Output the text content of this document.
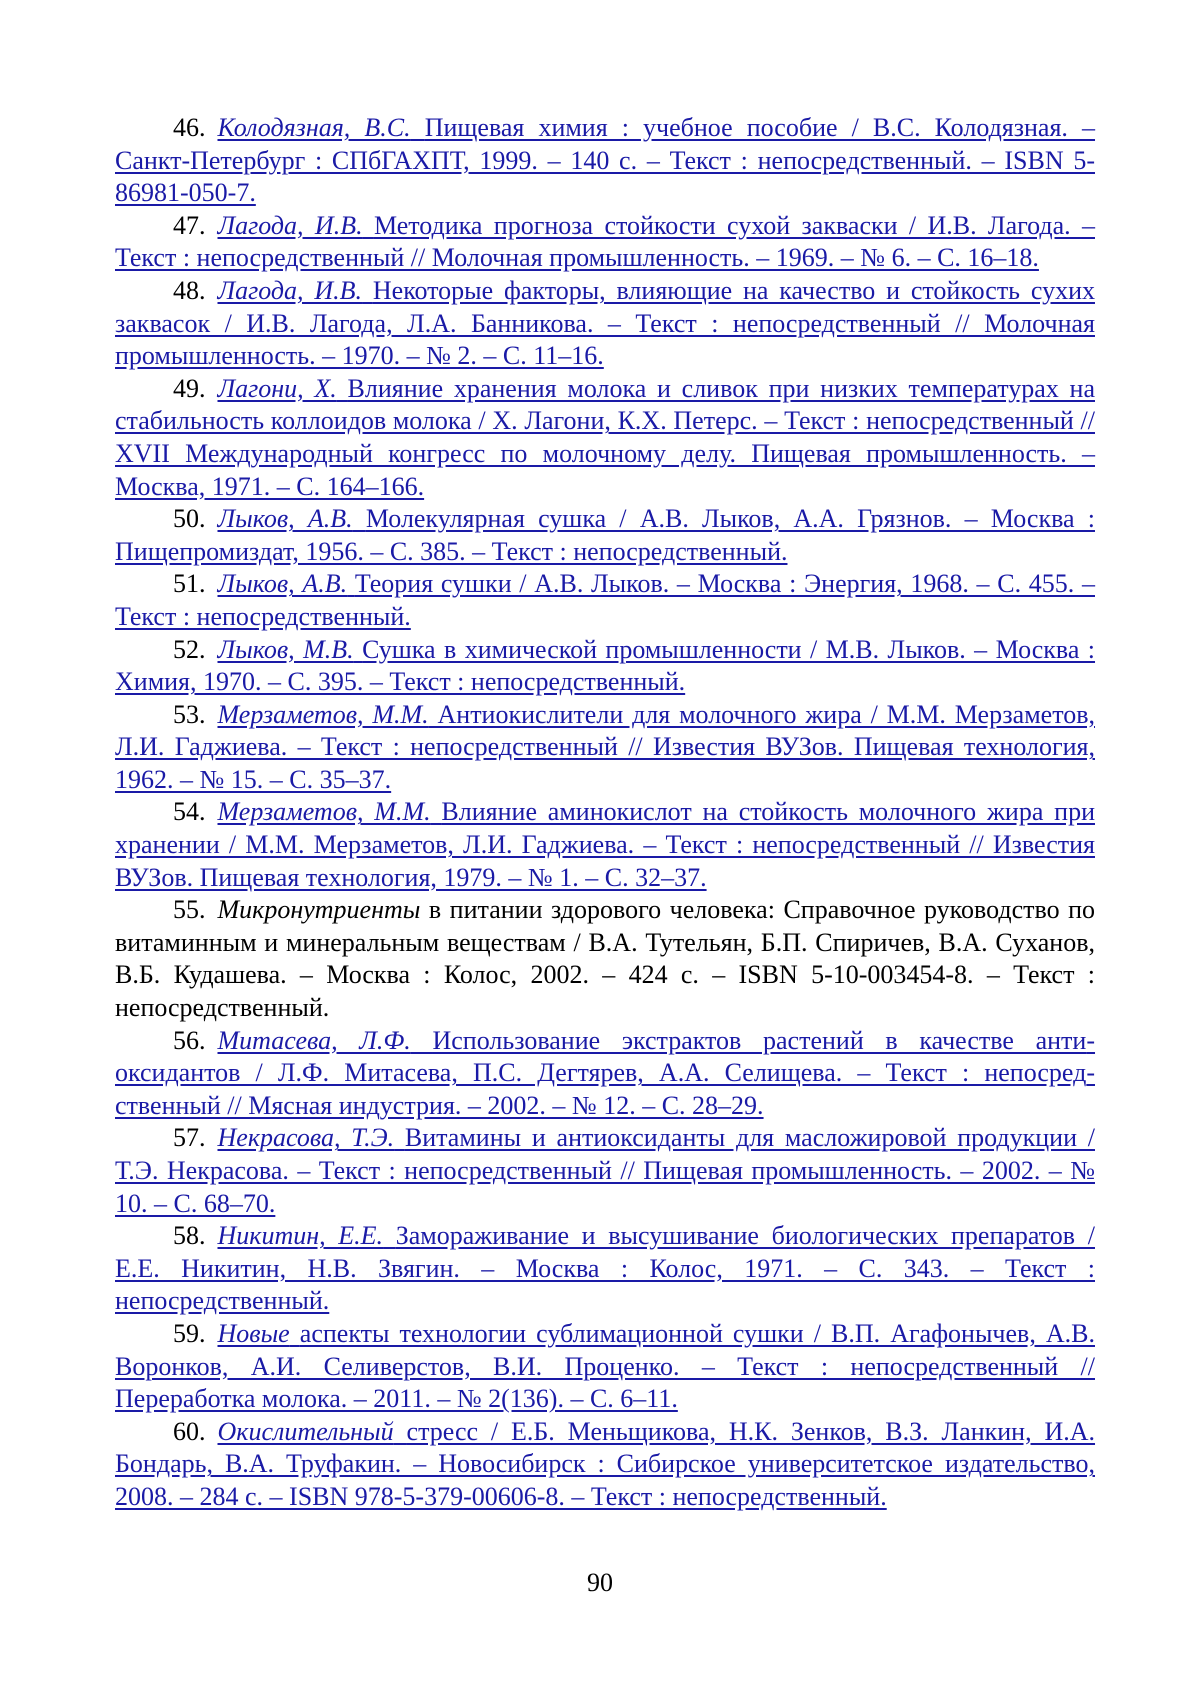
46. Колодязная, В.С. Пищевая химия : учебное пособие / В.С. Колодязная. – Санкт-Петербург : СПбГАХПТ, 1999. – 140 с. – Текст : непосредственный. – ISBN 5-86981-050-7.

47. Лагода, И.В. Методика прогноза стойкости сухой закваски / И.В. Лагода. – Текст : непосредственный // Молочная промышленность. – 1969. – № 6. – С. 16–18.

48. Лагода, И.В. Некоторые факторы, влияющие на качество и стойкость сухих заквасок / И.В. Лагода, Л.А. Банникова. – Текст : непосредственный // Молочная промышленность. – 1970. – № 2. – С. 11–16.

49. Лагони, Х. Влияние хранения молока и сливок при низких температурах на стабильность коллоидов молока / Х. Лагони, К.Х. Петерс. – Текст : непосредственный // XVII Международный конгресс по молочному делу. Пищевая промышленность. – Москва, 1971. – С. 164–166.

50. Лыков, А.В. Молекулярная сушка / А.В. Лыков, А.А. Грязнов. – Москва : Пищепромиздат, 1956. – С. 385. – Текст : непосредственный.

51. Лыков, А.В. Теория сушки / А.В. Лыков. – Москва : Энергия, 1968. – С. 455. – Текст : непосредственный.

52. Лыков, М.В. Сушка в химической промышленности / М.В. Лыков. – Москва : Химия, 1970. – С. 395. – Текст : непосредственный.

53. Мерзаметов, М.М. Антиокислители для молочного жира / М.М. Мерзаметов, Л.И. Гаджиева. – Текст : непосредственный // Известия ВУЗов. Пищевая технология, 1962. – № 15. – С. 35–37.

54. Мерзаметов, М.М. Влияние аминокислот на стойкость молочного жира при хранении / М.М. Мерзаметов, Л.И. Гаджиева. – Текст : непосредственный // Известия ВУЗов. Пищевая технология, 1979. – № 1. – С. 32–37.

55. Микронутриенты в питании здорового человека: Справочное руководство по витаминным и минеральным веществам / В.А. Тутельян, Б.П. Спиричев, В.А. Суханов, В.Б. Кудашева. – Москва : Колос, 2002. – 424 с. – ISBN 5-10-003454-8. – Текст : непосредственный.

56. Митасева, Л.Ф. Использование экстрактов растений в качестве антиоксидантов / Л.Ф. Митасева, П.С. Дегтярев, А.А. Селищева. – Текст : непосредственный // Мясная индустрия. – 2002. – № 12. – С. 28–29.

57. Некрасова, Т.Э. Витамины и антиоксиданты для масложировой продукции / Т.Э. Некрасова. – Текст : непосредственный // Пищевая промышленность. – 2002. – № 10. – С. 68–70.

58. Никитин, Е.Е. Замораживание и высушивание биологических препаратов / Е.Е. Никитин, Н.В. Звягин. – Москва : Колос, 1971. – С. 343. – Текст : непосредственный.

59. Новые аспекты технологии сублимационной сушки / В.П. Агафонычев, А.В. Воронков, А.И. Селиверстов, В.И. Проценко. – Текст : непосредственный // Переработка молока. – 2011. – № 2(136). – С. 6–11.

60. Окислительный стресс / Е.Б. Меньщикова, Н.К. Зенков, В.З. Ланкин, И.А. Бондарь, В.А. Труфакин. – Новосибирск : Сибирское университетское издательство, 2008. – 284 с. – ISBN 978-5-379-00606-8. – Текст : непосредственный.

90
